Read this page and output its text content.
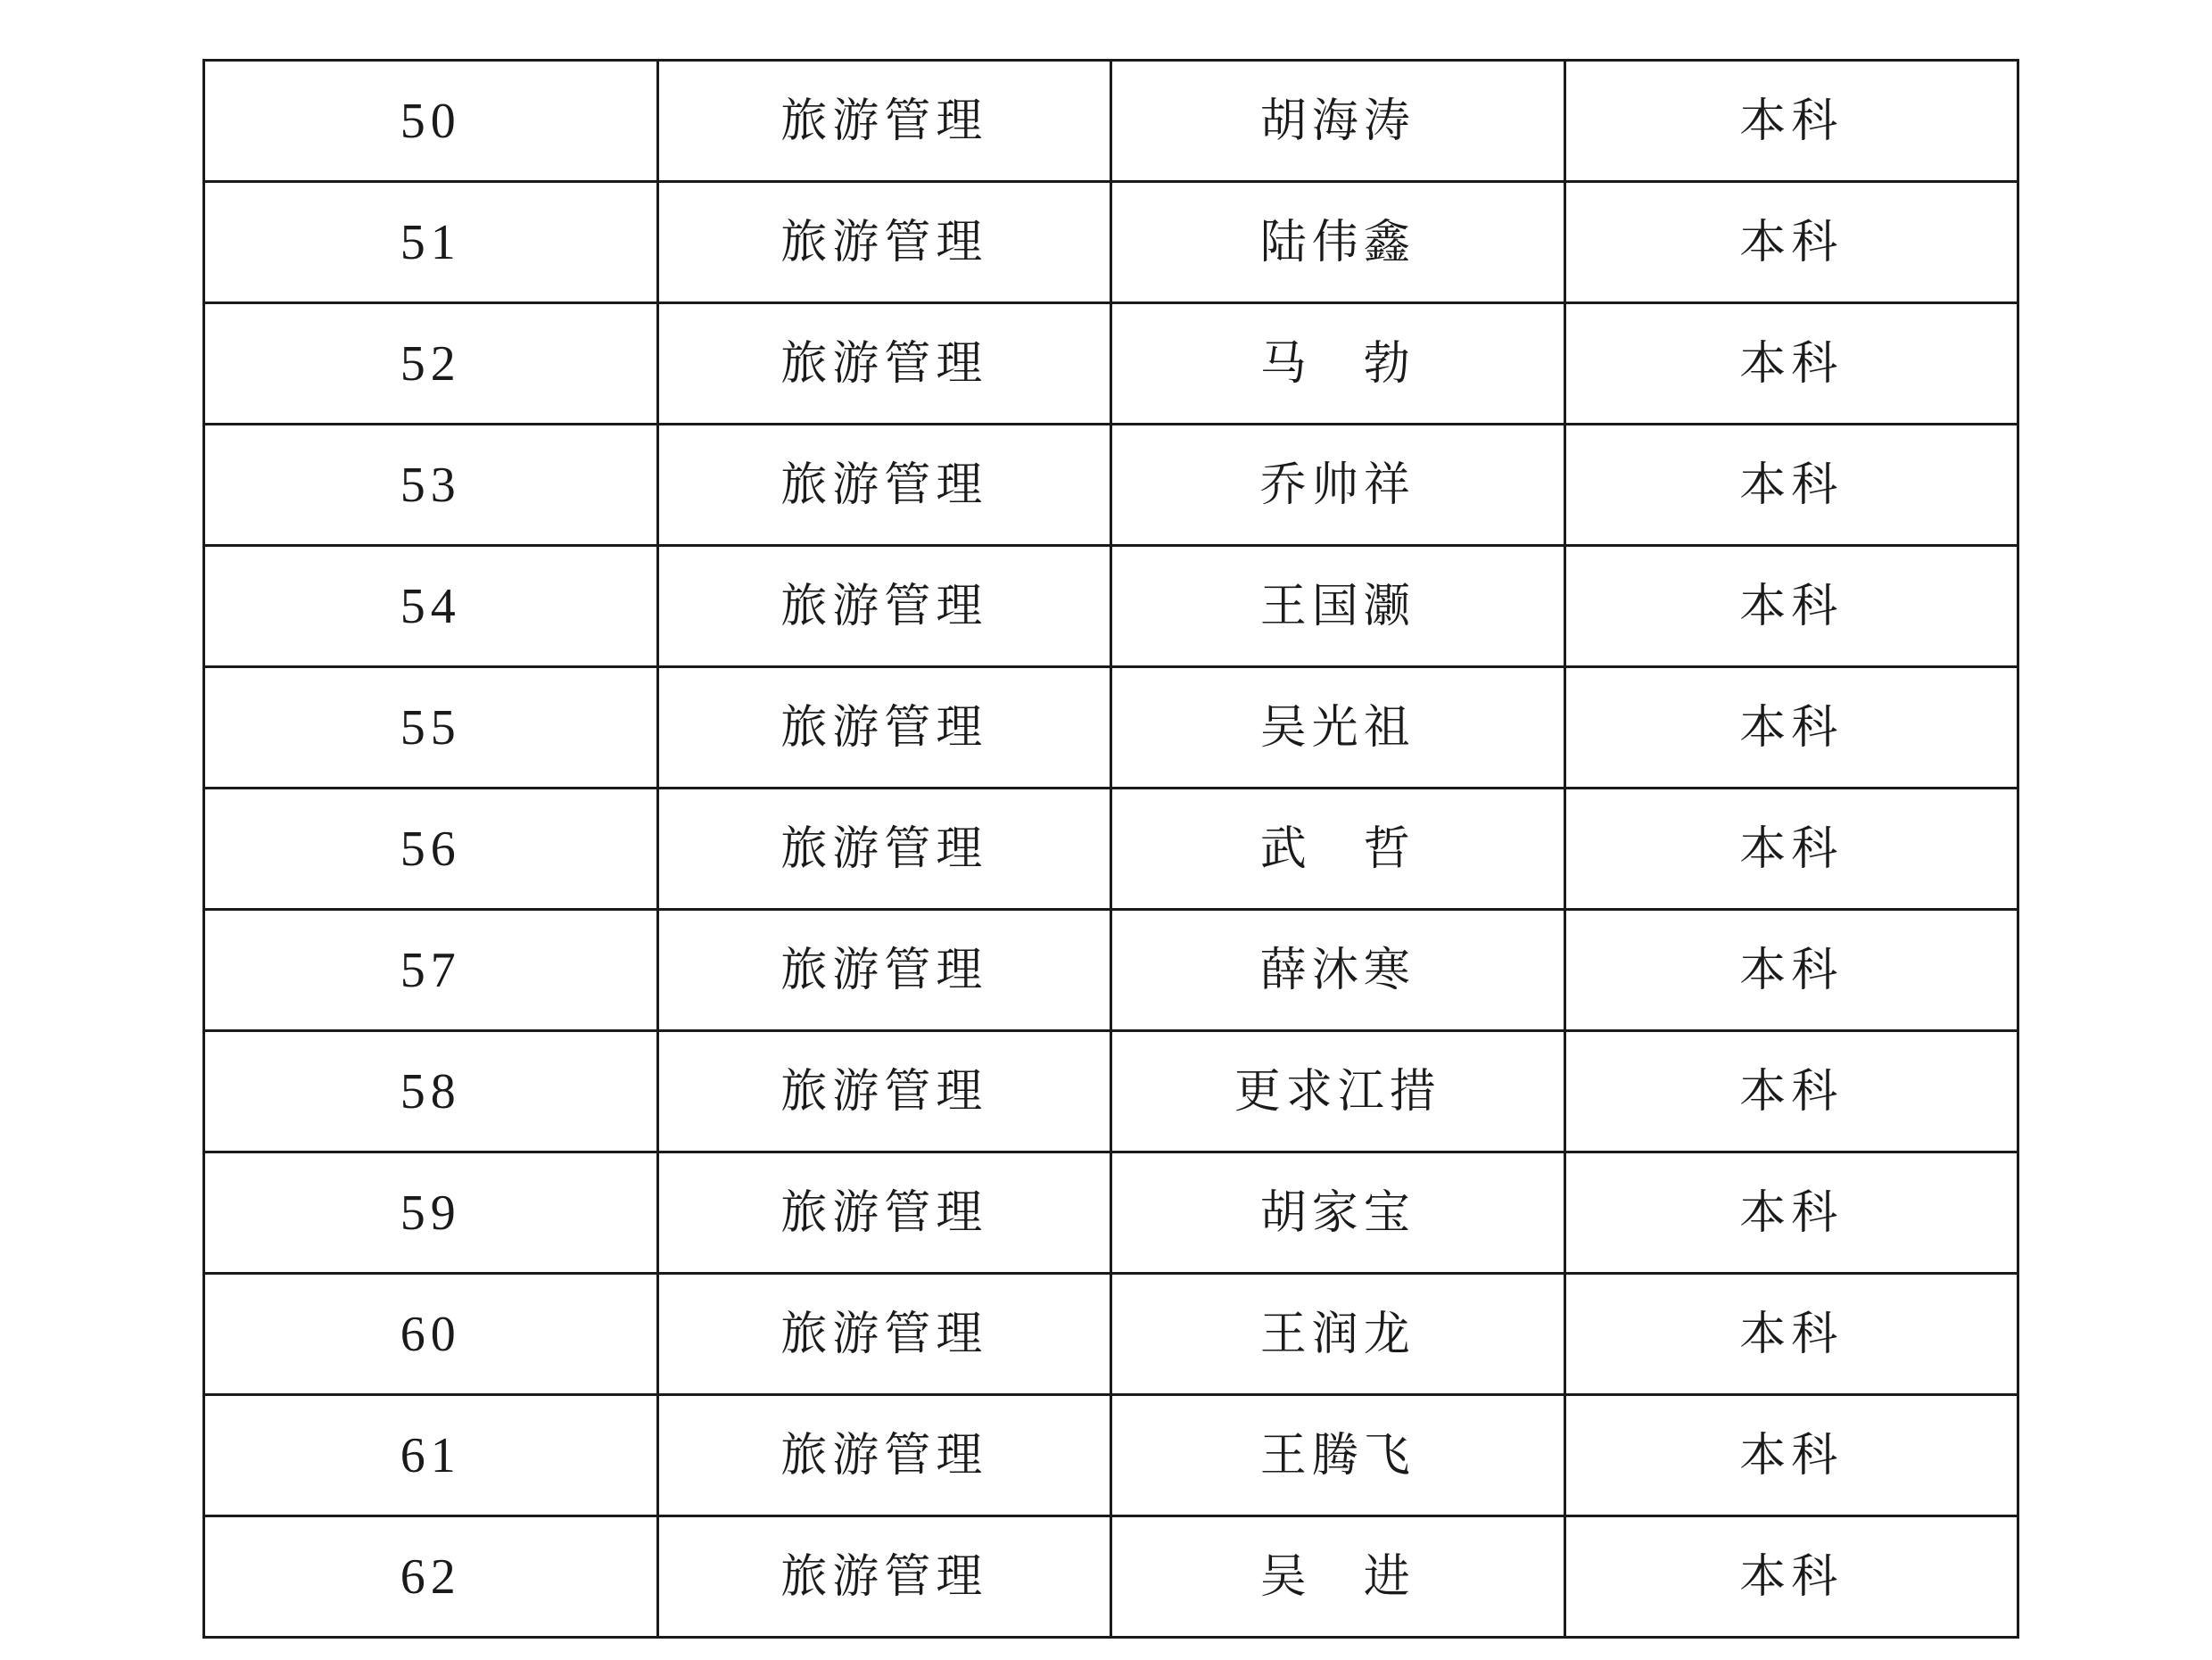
50	旅游管理	胡海涛	本科
51	旅游管理	陆伟鑫	本科
52	旅游管理	马　勃	本科
53	旅游管理	乔帅祥	本科
54	旅游管理	王国灏	本科
55	旅游管理	吴光祖	本科
56	旅游管理	武　哲	本科
57	旅游管理	薛沐寒	本科
58	旅游管理	更求江措	本科
59	旅游管理	胡家宝	本科
60	旅游管理	王润龙	本科
61	旅游管理	王腾飞	本科
62	旅游管理	吴　进	本科
